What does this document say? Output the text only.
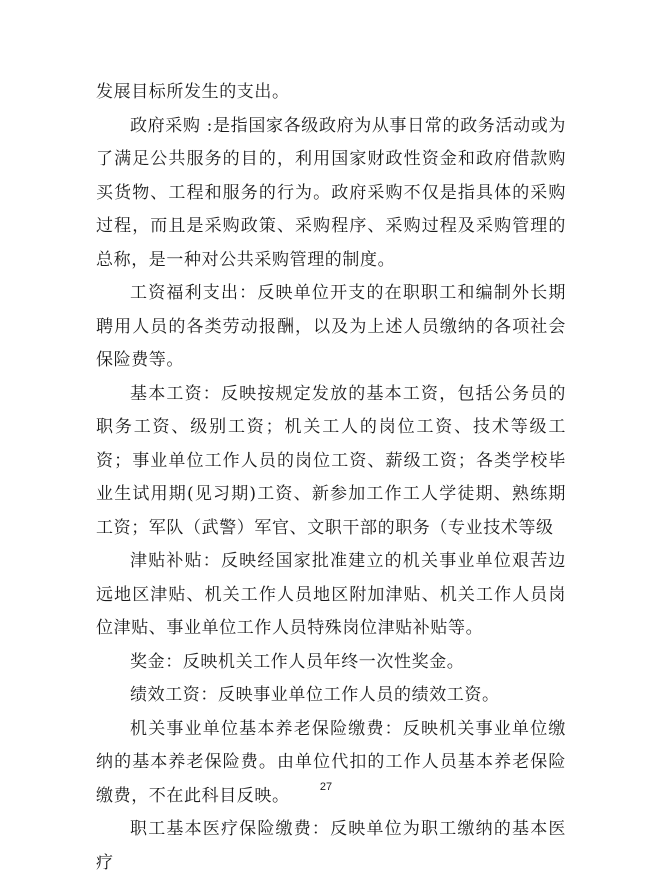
发展目标所发生的支出。

政府采购 :是指国家各级政府为从事日常的政务活动或为了满足公共服务的目的，利用国家财政性资金和政府借款购买货物、工程和服务的行为。政府采购不仅是指具体的采购过程，而且是采购政策、采购程序、采购过程及采购管理的总称，是一种对公共采购管理的制度。

工资福利支出：反映单位开支的在职职工和编制外长期聘用人员的各类劳动报酬，以及为上述人员缴纳的各项社会保险费等。

基本工资：反映按规定发放的基本工资，包括公务员的职务工资、级别工资；机关工人的岗位工资、技术等级工资；事业单位工作人员的岗位工资、薪级工资；各类学校毕业生试用期(见习期)工资、新参加工作工人学徒期、熟练期工资；军队（武警）军官、文职干部的职务（专业技术等级

津贴补贴：反映经国家批准建立的机关事业单位艰苦边远地区津贴、机关工作人员地区附加津贴、机关工作人员岗位津贴、事业单位工作人员特殊岗位津贴补贴等。

奖金：反映机关工作人员年终一次性奖金。

绩效工资：反映事业单位工作人员的绩效工资。

机关事业单位基本养老保险缴费：反映机关事业单位缴纳的基本养老保险费。由单位代扣的工作人员基本养老保险缴费，不在此科目反映。

职工基本医疗保险缴费：反映单位为职工缴纳的基本医疗

27
